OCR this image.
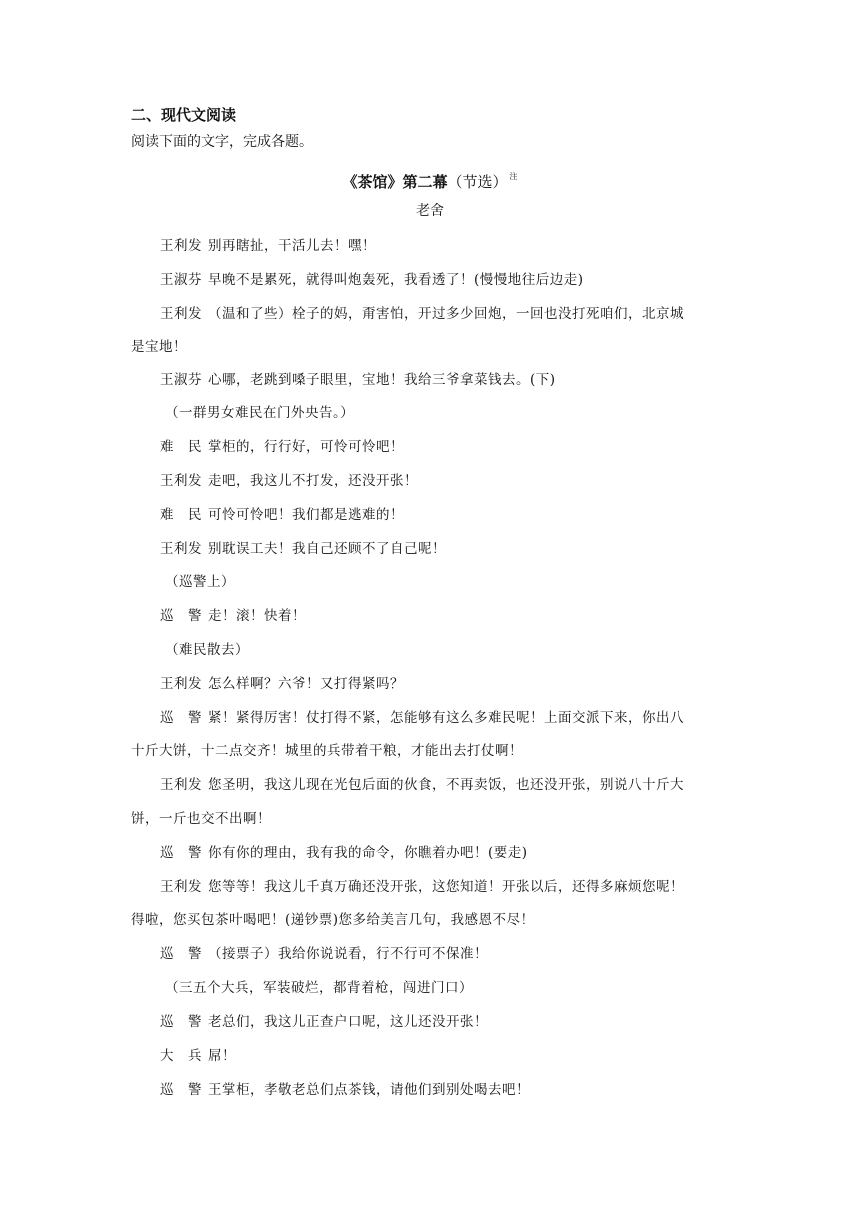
二、现代文阅读
阅读下面的文字，完成各题。
《茶馆》第二幕（节选） $^注$
老舍
王利发 别再瞎扯，干活儿去！嘿！
王淑芬 早晚不是累死，就得叫炮轰死，我看透了！(慢慢地往后边走)
王利发 （温和了些）栓子的妈，甭害怕，开过多少回炮，一回也没打死咱们，北京城
是宝地！
王淑芬 心哪，老跳到嗓子眼里，宝地！我给三爷拿菜钱去。(下)
（一群男女难民在门外央告。）
难　民 掌柜的，行行好，可怜可怜吧！
王利发 走吧，我这儿不打发，还没开张！
难　民 可怜可怜吧！我们都是逃难的！
王利发 别耽误工夫！我自己还顾不了自己呢！
（巡警上）
巡　警 走！滚！快着！
（难民散去）
王利发 怎么样啊？六爷！又打得紧吗？
巡　警 紧！紧得厉害！仗打得不紧，怎能够有这么多难民呢！上面交派下来，你出八
十斤大饼，十二点交齐！城里的兵带着干粮，才能出去打仗啊！
王利发 您圣明，我这儿现在光包后面的伙食，不再卖饭，也还没开张，别说八十斤大
饼，一斤也交不出啊！
巡　警 你有你的理由，我有我的命令，你瞧着办吧！(要走)
王利发 您等等！我这儿千真万确还没开张，这您知道！开张以后，还得多麻烦您呢！
得啦，您买包茶叶喝吧！(递钞票)您多给美言几句，我感恩不尽！
巡　警 （接票子）我给你说说看，行不行可不保准！
（三五个大兵，军装破烂，都背着枪，闯进门口）
巡　警 老总们，我这儿正查户口呢，这儿还没开张！
大　兵 屌！
巡　警 王掌柜，孝敬老总们点茶钱，请他们到别处喝去吧！
